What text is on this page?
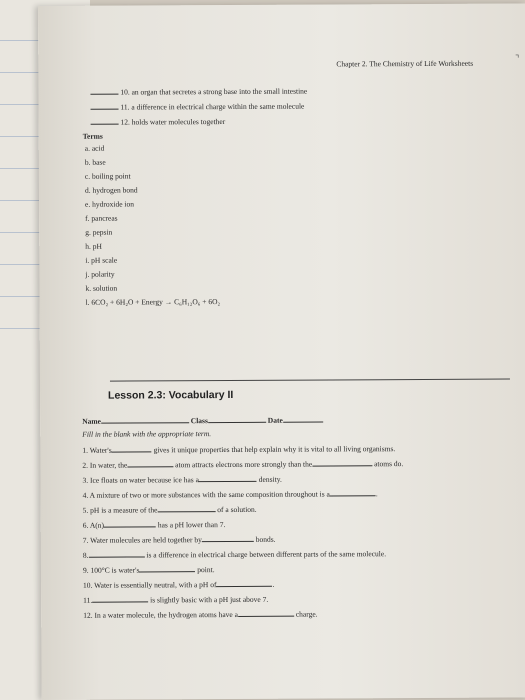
⌝
Chapter 2. The Chemistry of Life Worksheets
10. an organ that secretes a strong base into the small intestine
11. a difference in electrical charge within the same molecule
12. holds water molecules together
Terms
a. acid
b. base
c. boiling point
d. hydrogen bond
e. hydroxide ion
f. pancreas
g. pepsin
h. pH
i. pH scale
j. polarity
k. solution
l. 6CO₂ + 6H₂O + Energy → C₆H₁₂O₆ + 6O₂
Lesson 2.3: Vocabulary II
Name	Class	Date
Fill in the blank with the appropriate term.
1. Water's	gives it unique properties that help explain why it is vital to all living organisms.
2. In water, the	atom attracts electrons more strongly than the	atoms do.
3. Ice floats on water because ice has a	density.
4. A mixture of two or more substances with the same composition throughout is a	.
5. pH is a measure of the	of a solution.
6. A(n)	has a pH lower than 7.
7. Water molecules are held together by	bonds.
8.	is a difference in electrical charge between different parts of the same molecule.
9. 100°C is water's	point.
10. Water is essentially neutral, with a pH of	.
11.	is slightly basic with a pH just above 7.
12. In a water molecule, the hydrogen atoms have a	charge.
